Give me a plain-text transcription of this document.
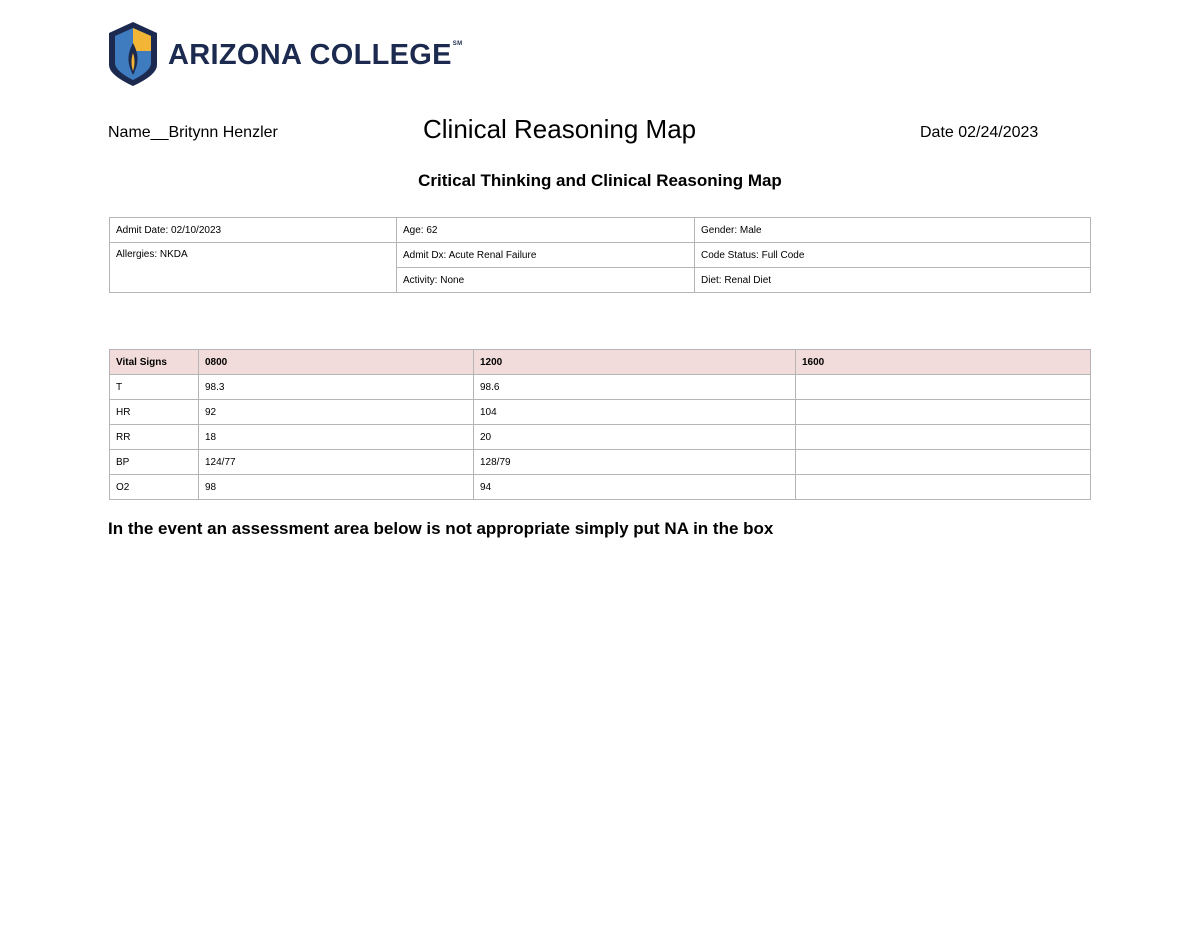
ARIZONA COLLEGE℠
Name__Britynn Henzler	Clinical Reasoning Map	Date 02/24/2023
Critical Thinking and Clinical Reasoning Map
Admit Date: 02/10/2023	Age: 62	Gender: Male
Allergies: NKDA	Admit Dx: Acute Renal Failure	Code Status: Full Code
	Activity: None	Diet: Renal Diet
Vital Signs	0800	1200	1600
T	98.3	98.6	
HR	92	104	
RR	18	20	
BP	124/77	128/79	
O2	98	94	
In the event an assessment area below is not appropriate simply put NA in the box
